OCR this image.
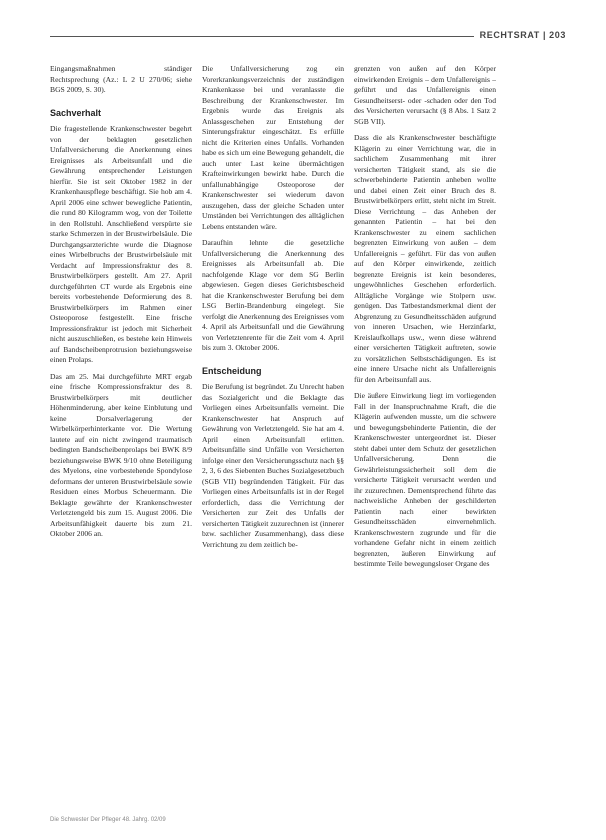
RECHTSRAT | 203

Eingangsmaßnahmen ständiger Rechtsprechung (Az.: L 2 U 270/06; siehe BGS 2009, S. 30).

Sachverhalt

Die fragestellende Krankenschwester begehrt von der beklagten gesetzlichen Unfallversicherung die Anerkennung eines Ereignisses als Arbeitsunfall und die Gewährung entsprechender Leistungen hierfür. Sie ist seit Oktober 1982 in der Krankenhauspflege beschäftigt. Sie hob am 4. April 2006 eine schwer bewegliche Patientin, die rund 80 Kilogramm wog, von der Toilette in den Rollstuhl. Anschließend verspürte sie starke Schmerzen in der Brustwirbelsäule. Die Durchgangsarzterichte wurde die Diagnose eines Wirbelbruchs der Brustwirbelsäule mit Verdacht auf Impressionsfraktur des 8. Brustwirbelkörpers gestellt. Am 27. April durchgeführten CT wurde als Ergebnis eine bereits vorbestehende Deformierung des 8. Brustwirbelkörpers im Rahmen einer Osteoporose festgestellt. Eine frische Impressionsfraktur ist jedoch mit Sicherheit nicht auszuschließen, es bestehe kein Hinweis auf Bandscheibenprotrusion beziehungsweise einen Prolaps.

Das am 25. Mai durchgeführte MRT ergab eine frische Kompressionsfraktur des 8. Brustwirbelkörpers mit deutlicher Höhenminderung, aber keine Einblutung und keine Dorsalverlagerung der Wirbelkörperhinterkante vor. Die Wertung lautete auf ein nicht zwingend traumatisch bedingten Bandscheibenprolaps bei BWK 8/9 beziehungsweise BWK 9/10 ohne Beteiligung des Myelons, eine vorbestehende Spondylose deformans der unteren Brustwirbelsäule sowie Residuen eines Morbus Scheuermann. Die Beklagte gewährte der Krankenschwester Verletztengeld bis zum 15. August 2006. Die Arbeitsunfähigkeit dauerte bis zum 21. Oktober 2006 an.

Die Unfallversicherung zog ein Vorerkrankungsverzeichnis der zuständigen Krankenkasse bei und veranlasste die Beschreibung der Krankenschwester. Im Ergebnis wurde das Ereignis als Anlassgeschehen zur Entstehung der Sinterungsfraktur eingeschätzt. Es erfülle nicht die Kriterien eines Unfalls. Vorhanden habe es sich um eine Bewegung gehandelt, die auch unter Last keine übermächtigen Krafteinwirkungen bewirkt habe. Durch die unfallunabhängige Osteoporose der Krankenschwester sei wiederum davon auszugehen, dass der gleiche Schaden unter Umständen bei Verrichtungen des alltäglichen Lebens entstanden wäre.

Daraufhin lehnte die gesetzliche Unfallversicherung die Anerkennung des Ereignisses als Arbeitsunfall ab. Die nachfolgende Klage vor dem SG Berlin abgewiesen. Gegen dieses Gerichtsbescheid hat die Krankenschwester Berufung bei dem LSG Berlin-Brandenburg eingelegt. Sie verfolgt die Anerkennung des Ereignisses vom 4. April als Arbeitsunfall und die Gewährung von Verletztenrente für die Zeit vom 4. April bis zum 3. Oktober 2006.

Entscheidung

Die Berufung ist begründet. Zu Unrecht haben das Sozialgericht und die Beklagte das Vorliegen eines Arbeitsunfalls verneint. Die Krankenschwester hat Anspruch auf Gewährung von Verletztengeld. Sie hat am 4. April einen Arbeitsunfall erlitten. Arbeitsunfälle sind Unfälle von Versicherten infolge einer den Versicherungsschutz nach §§ 2, 3, 6 des Siebenten Buches Sozialgesetzbuch (SGB VII) begründenden Tätigkeit. Für das Vorliegen eines Arbeitsunfalls ist in der Regel erforderlich, dass die Verrichtung der Versicherten zur Zeit des Unfalls der versicherten Tätigkeit zuzurechnen ist (innerer bzw. sachlicher Zusammenhang), dass diese Verrichtung zu dem zeitlich be-

grenzten von außen auf den Körper einwirkenden Ereignis – dem Unfallereignis – geführt und das Unfallereignis einen Gesundheitserst- oder -schaden oder den Tod des Versicherten verursacht (§ 8 Abs. 1 Satz 2 SGB VII).

Dass die als Krankenschwester beschäftigte Klägerin zu einer Verrichtung war, die in sachlichem Zusammenhang mit ihrer versicherten Tätigkeit stand, als sie die schwerbehinderte Patientin anheben wollte und dabei einen Zeit einer Bruch des 8. Brustwirbelkörpers erlitt, steht nicht im Streit. Diese Verrichtung – das Anheben der genannten Patientin – hat bei den Krankenschwester zu einem sachlichen begrenzten Einwirkung von außen – dem Unfallereignis – geführt. Für das von außen auf den Körper einwirkende, zeitlich begrenzte Ereignis ist kein besonderes, ungewöhnliches Geschehen erforderlich. Alltägliche Vorgänge wie Stolpern usw. genügen. Das Tatbestandsmerkmal dient der Abgrenzung zu Gesundheitsschäden aufgrund von inneren Ursachen, wie Herzinfarkt, Kreislaufkollaps usw., wenn diese während einer versicherten Tätigkeit auftreten, sowie zu vorsätzlichen Selbstschädigungen. Es ist eine innere Ursache nicht als Unfallereignis für den Arbeitsunfall aus.

Die äußere Einwirkung liegt im vorliegenden Fall in der Inanspruchnahme Kraft, die die Klägerin aufwenden musste, um die schwere und bewegungsbehinderte Patientin, die der Krankenschwester untergeordnet ist. Dieser steht dabei unter dem Schutz der gesetzlichen Unfallversicherung. Denn die Gewährleistungssicherheit soll dem die versicherte Tätigkeit verursacht werden und ihr zuzurechnen. Dementsprechend führte das nachweisliche Anheben der geschilderten Patientin nach einer bewirkten Gesundheitsschäden einvernehmlich. Krankenschwestern zugrunde und für die vorhandene Gefahr nicht in einem zeitlich begrenzten, äußeren Einwirkung auf bestimmte Teile bewegungsloser Organe des

Die Schwester Der Pfleger 48. Jahrg. 02/09
